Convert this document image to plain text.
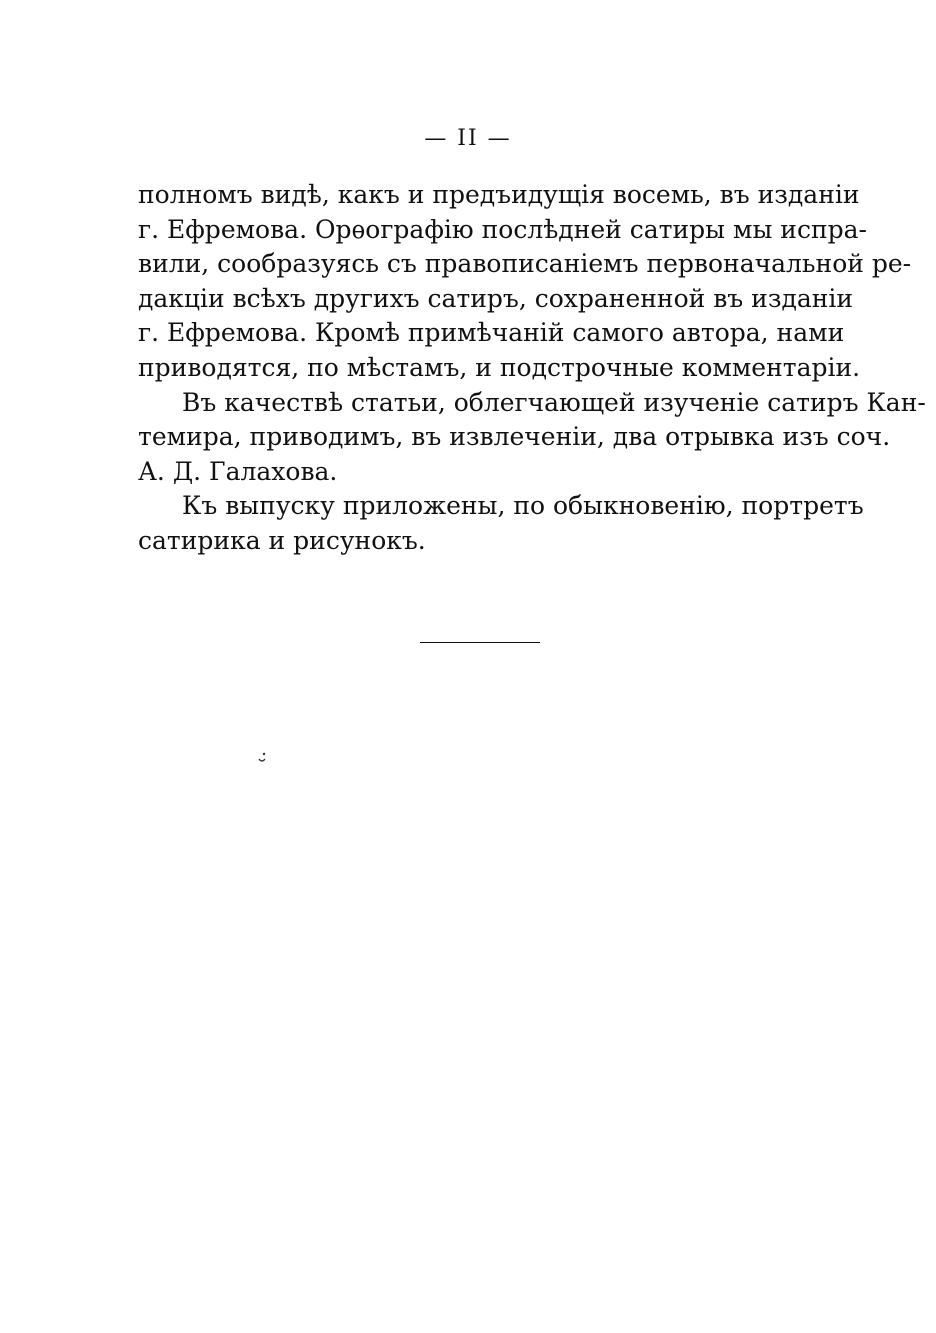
— II —

полномъ видѣ, какъ и предъидущія восемь, въ изданіи
г. Ефремова. Орѳографію послѣдней сатиры мы испра-
вили, сообразуясь съ правописаніемъ первоначальной ре-
дакціи всѣхъ другихъ сатиръ, сохраненной въ изданіи
г. Ефремова. Кромѣ примѣчаній самого автора, нами
приводятся, по мѣстамъ, и подстрочные комментаріи.

Въ качествѣ статьи, облегчающей изученіе сатиръ Кан-
темира, приводимъ, въ извлеченіи, два отрывка изъ соч.
А. Д. Галахова.

Къ выпуску приложены, по обыкновенію, портретъ
сатирика и рисунокъ.
